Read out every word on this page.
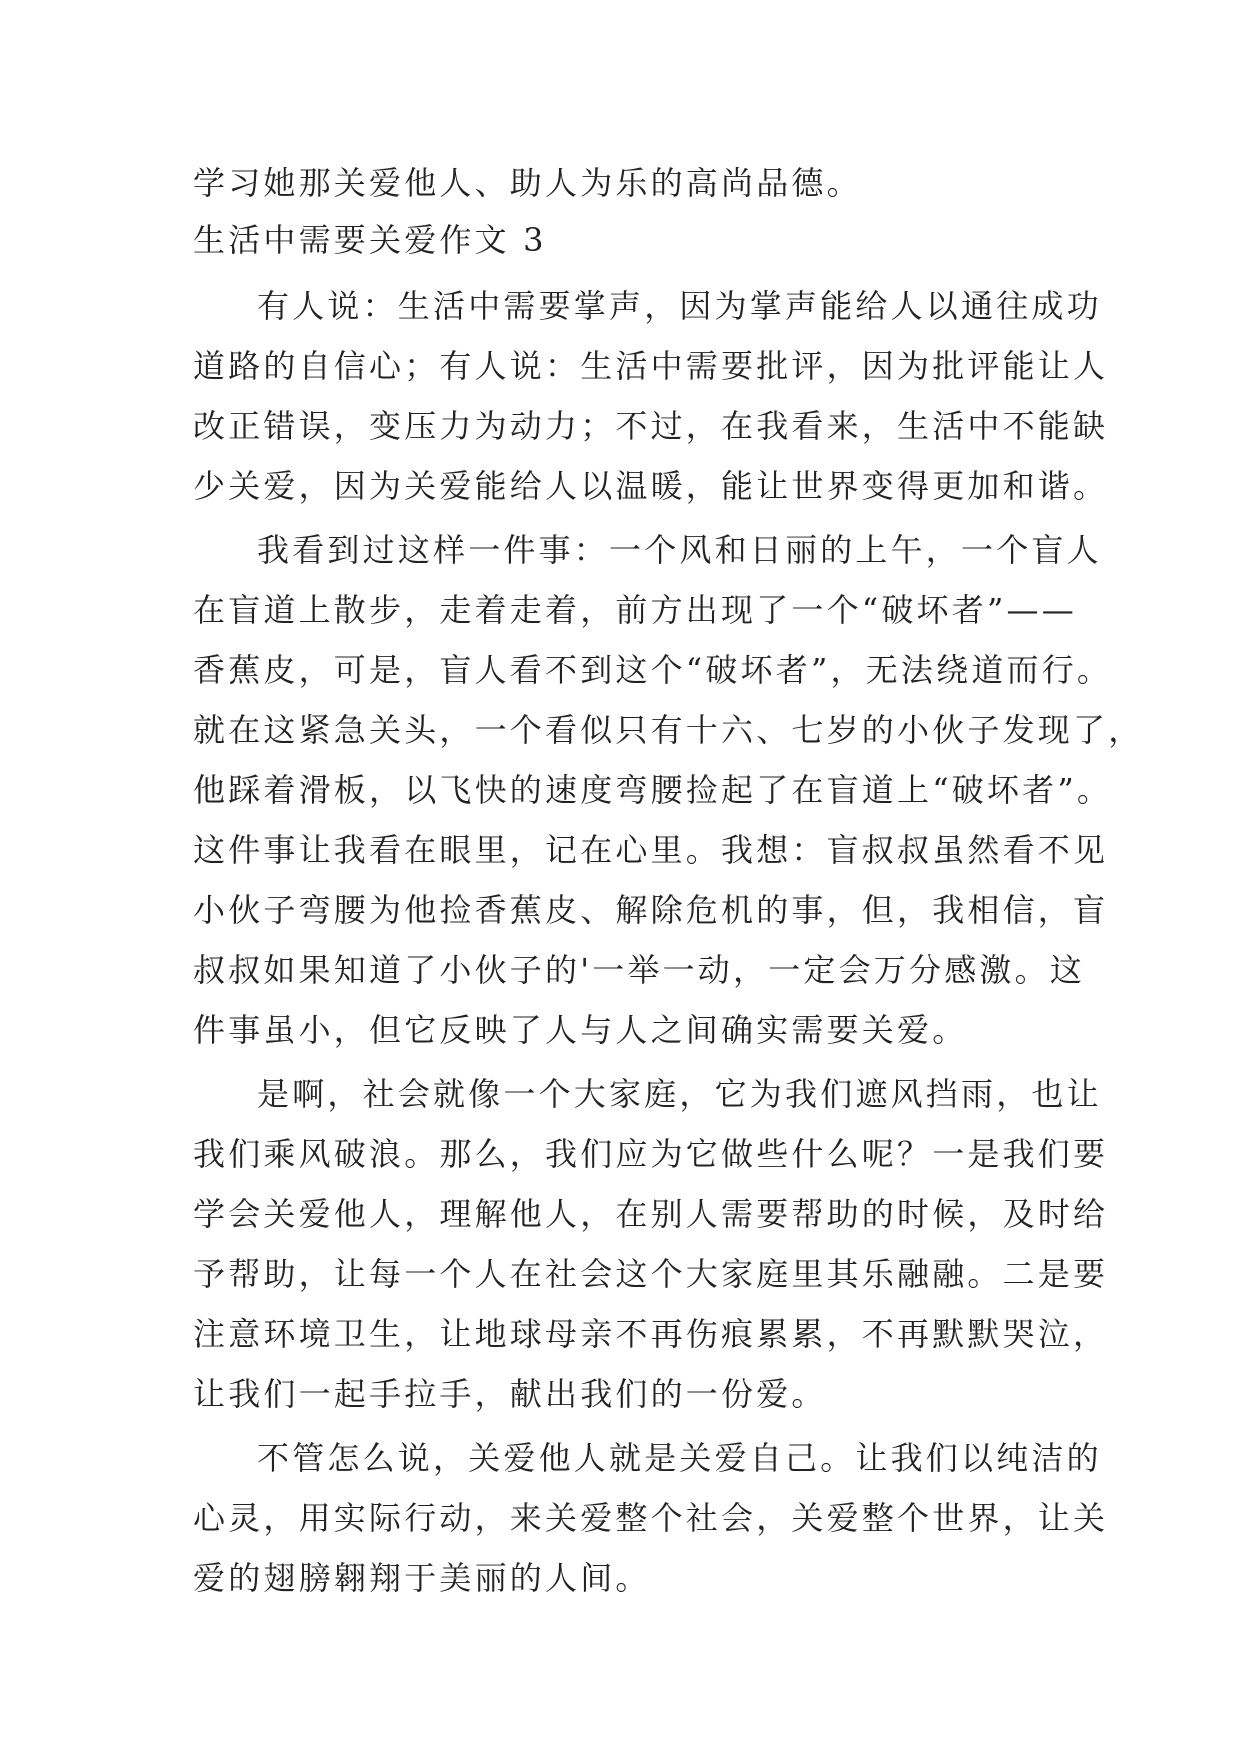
学习她那关爱他人、助人为乐的高尚品德。
生活中需要关爱作文 3
有人说：生活中需要掌声，因为掌声能给人以通往成功
道路的自信心；有人说：生活中需要批评，因为批评能让人
改正错误，变压力为动力；不过，在我看来，生活中不能缺
少关爱，因为关爱能给人以温暖，能让世界变得更加和谐。
我看到过这样一件事：一个风和日丽的上午，一个盲人
在盲道上散步，走着走着，前方出现了一个“破坏者”——
香蕉皮，可是，盲人看不到这个“破坏者”，无法绕道而行。
就在这紧急关头，一个看似只有十六、七岁的小伙子发现了，
他踩着滑板，以飞快的速度弯腰捡起了在盲道上“破坏者”。
这件事让我看在眼里，记在心里。我想：盲叔叔虽然看不见
小伙子弯腰为他捡香蕉皮、解除危机的事，但，我相信，盲
叔叔如果知道了小伙子的'一举一动，一定会万分感激。这
件事虽小，但它反映了人与人之间确实需要关爱。
是啊，社会就像一个大家庭，它为我们遮风挡雨，也让
我们乘风破浪。那么，我们应为它做些什么呢？一是我们要
学会关爱他人，理解他人，在别人需要帮助的时候，及时给
予帮助，让每一个人在社会这个大家庭里其乐融融。二是要
注意环境卫生，让地球母亲不再伤痕累累，不再默默哭泣，
让我们一起手拉手，献出我们的一份爱。
不管怎么说，关爱他人就是关爱自己。让我们以纯洁的
心灵，用实际行动，来关爱整个社会，关爱整个世界，让关
爱的翅膀翱翔于美丽的人间。
